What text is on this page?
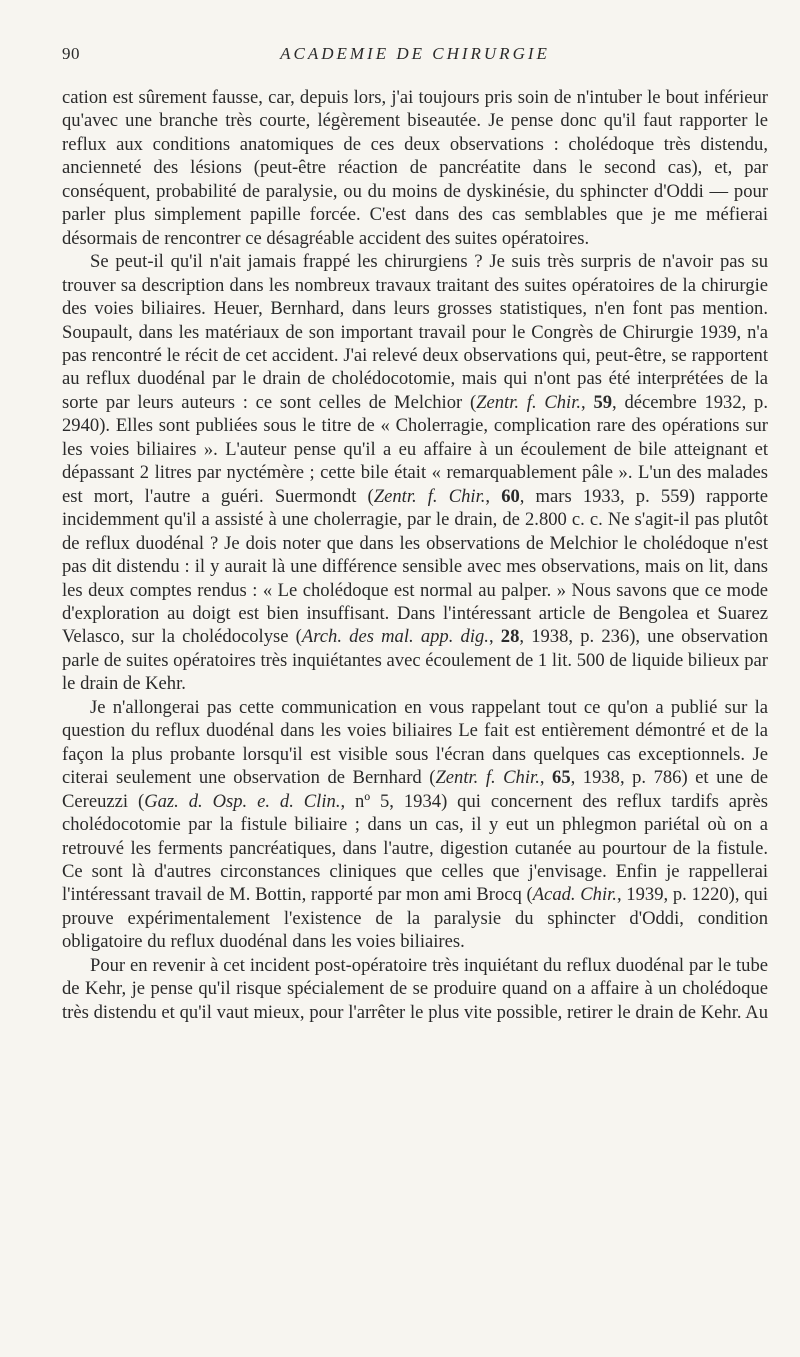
90	ACADEMIE DE CHIRURGIE

cation est sûrement fausse, car, depuis lors, j'ai toujours pris soin de n'intuber le bout inférieur qu'avec une branche très courte, légèrement biseautée. Je pense donc qu'il faut rapporter le reflux aux conditions anatomiques de ces deux observations : cholédoque très distendu, ancienneté des lésions (peut-être réaction de pancréatite dans le second cas), et, par conséquent, probabilité de paralysie, ou du moins de dyskinésie, du sphincter d'Oddi — pour parler plus simplement papille forcée. C'est dans des cas semblables que je me méfierai désormais de rencontrer ce désagréable accident des suites opératoires.

Se peut-il qu'il n'ait jamais frappé les chirurgiens ? Je suis très surpris de n'avoir pas su trouver sa description dans les nombreux travaux traitant des suites opératoires de la chirurgie des voies biliaires. Heuer, Bernhard, dans leurs grosses statistiques, n'en font pas mention. Soupault, dans les matériaux de son important travail pour le Congrès de Chirurgie 1939, n'a pas rencontré le récit de cet accident. J'ai relevé deux observations qui, peut-être, se rapportent au reflux duodénal par le drain de cholédocotomie, mais qui n'ont pas été interprétées de la sorte par leurs auteurs : ce sont celles de Melchior (Zentr. f. Chir., 59, décembre 1932, p. 2940). Elles sont publiées sous le titre de « Cholerragie, complication rare des opérations sur les voies biliaires ». L'auteur pense qu'il a eu affaire à un écoulement de bile atteignant et dépassant 2 litres par nyctémère ; cette bile était « remarquablement pâle ». L'un des malades est mort, l'autre a guéri. Suermondt (Zentr. f. Chir., 60, mars 1933, p. 559) rapporte incidemment qu'il a assisté à une cholerragie, par le drain, de 2.800 c. c. Ne s'agit-il pas plutôt de reflux duodénal ? Je dois noter que dans les observations de Melchior le cholédoque n'est pas dit distendu : il y aurait là une différence sensible avec mes observations, mais on lit, dans les deux comptes rendus : « Le cholédoque est normal au palper. » Nous savons que ce mode d'exploration au doigt est bien insuffisant. Dans l'intéressant article de Bengolea et Suarez Velasco, sur la cholédocolyse (Arch. des mal. app. dig., 28, 1938, p. 236), une observation parle de suites opératoires très inquiétantes avec écoulement de 1 lit. 500 de liquide bilieux par le drain de Kehr.

Je n'allongerai pas cette communication en vous rappelant tout ce qu'on a publié sur la question du reflux duodénal dans les voies biliaires Le fait est entièrement démontré et de la façon la plus probante lorsqu'il est visible sous l'écran dans quelques cas exceptionnels. Je citerai seulement une observation de Bernhard (Zentr. f. Chir., 65, 1938, p. 786) et une de Cereuzzi (Gaz. d. Osp. e. d. Clin., nº 5, 1934) qui concernent des reflux tardifs après cholédocotomie par la fistule biliaire ; dans un cas, il y eut un phlegmon pariétal où on a retrouvé les ferments pancréatiques, dans l'autre, digestion cutanée au pourtour de la fistule. Ce sont là d'autres circonstances cliniques que celles que j'envisage. Enfin je rappellerai l'intéressant travail de M. Bottin, rapporté par mon ami Brocq (Acad. Chir., 1939, p. 1220), qui prouve expérimentalement l'existence de la paralysie du sphincter d'Oddi, condition obligatoire du reflux duodénal dans les voies biliaires.

Pour en revenir à cet incident post-opératoire très inquiétant du reflux duodénal par le tube de Kehr, je pense qu'il risque spécialement de se produire quand on a affaire à un cholédoque très distendu et qu'il vaut mieux, pour l'arrêter le plus vite possible, retirer le drain de Kehr. Au
